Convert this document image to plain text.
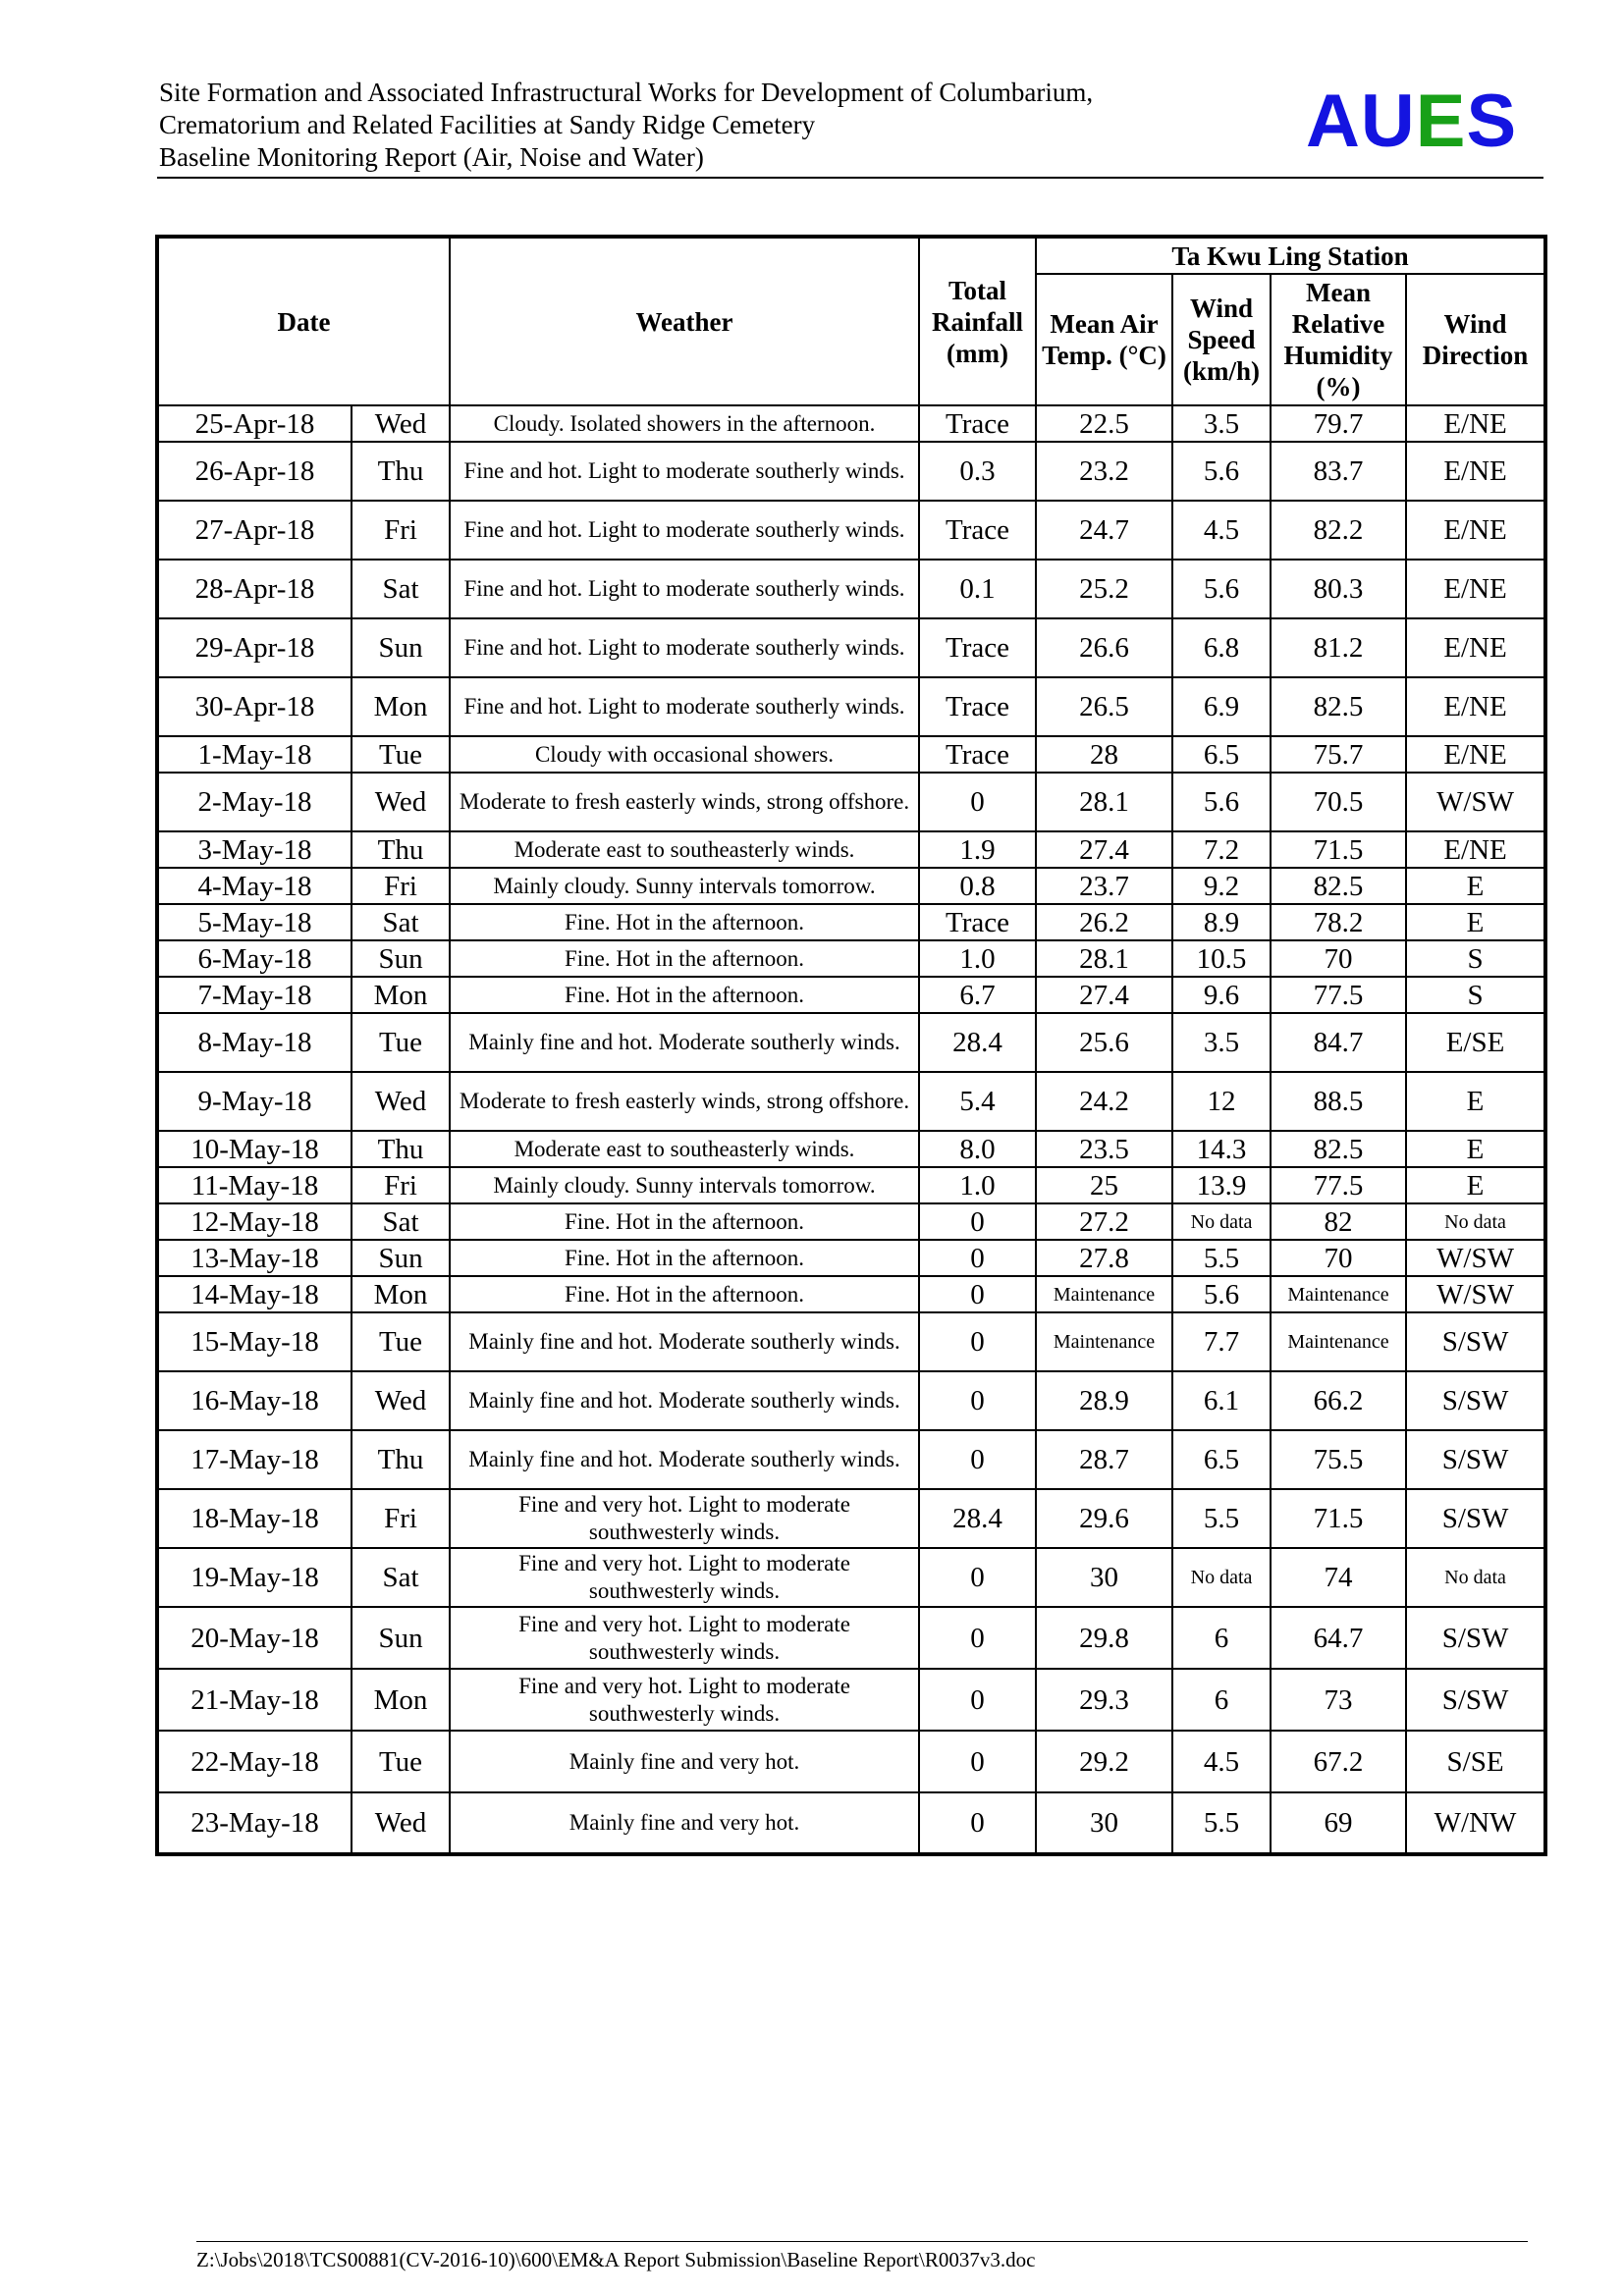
Site Formation and Associated Infrastructural Works for Development of Columbarium,
Crematorium and Related Facilities at Sandy Ridge Cemetery
Baseline Monitoring Report (Air, Noise and Water)	AUES
Date		Weather	Total Rainfall (mm)	Ta Kwu Ling Station			
				Mean Air Temp. (°C)	Wind Speed (km/h)	Mean Relative Humidity (%)	Wind Direction
25-Apr-18	Wed	Cloudy. Isolated showers in the afternoon.	Trace	22.5	3.5	79.7	E/NE
26-Apr-18	Thu	Fine and hot. Light to moderate southerly winds.	0.3	23.2	5.6	83.7	E/NE
27-Apr-18	Fri	Fine and hot. Light to moderate southerly winds.	Trace	24.7	4.5	82.2	E/NE
28-Apr-18	Sat	Fine and hot. Light to moderate southerly winds.	0.1	25.2	5.6	80.3	E/NE
29-Apr-18	Sun	Fine and hot. Light to moderate southerly winds.	Trace	26.6	6.8	81.2	E/NE
30-Apr-18	Mon	Fine and hot. Light to moderate southerly winds.	Trace	26.5	6.9	82.5	E/NE
1-May-18	Tue	Cloudy with occasional showers.	Trace	28	6.5	75.7	E/NE
2-May-18	Wed	Moderate to fresh easterly winds, strong offshore.	0	28.1	5.6	70.5	W/SW
3-May-18	Thu	Moderate east to southeasterly winds.	1.9	27.4	7.2	71.5	E/NE
4-May-18	Fri	Mainly cloudy. Sunny intervals tomorrow.	0.8	23.7	9.2	82.5	E
5-May-18	Sat	Fine. Hot in the afternoon.	Trace	26.2	8.9	78.2	E
6-May-18	Sun	Fine. Hot in the afternoon.	1.0	28.1	10.5	70	S
7-May-18	Mon	Fine. Hot in the afternoon.	6.7	27.4	9.6	77.5	S
8-May-18	Tue	Mainly fine and hot. Moderate southerly winds.	28.4	25.6	3.5	84.7	E/SE
9-May-18	Wed	Moderate to fresh easterly winds, strong offshore.	5.4	24.2	12	88.5	E
10-May-18	Thu	Moderate east to southeasterly winds.	8.0	23.5	14.3	82.5	E
11-May-18	Fri	Mainly cloudy. Sunny intervals tomorrow.	1.0	25	13.9	77.5	E
12-May-18	Sat	Fine. Hot in the afternoon.	0	27.2	No data	82	No data
13-May-18	Sun	Fine. Hot in the afternoon.	0	27.8	5.5	70	W/SW
14-May-18	Mon	Fine. Hot in the afternoon.	0	Maintenance	5.6	Maintenance	W/SW
15-May-18	Tue	Mainly fine and hot. Moderate southerly winds.	0	Maintenance	7.7	Maintenance	S/SW
16-May-18	Wed	Mainly fine and hot. Moderate southerly winds.	0	28.9	6.1	66.2	S/SW
17-May-18	Thu	Mainly fine and hot. Moderate southerly winds.	0	28.7	6.5	75.5	S/SW
18-May-18	Fri	Fine and very hot. Light to moderate southwesterly winds.	28.4	29.6	5.5	71.5	S/SW
19-May-18	Sat	Fine and very hot. Light to moderate southwesterly winds.	0	30	No data	74	No data
20-May-18	Sun	Fine and very hot. Light to moderate southwesterly winds.	0	29.8	6	64.7	S/SW
21-May-18	Mon	Fine and very hot. Light to moderate southwesterly winds.	0	29.3	6	73	S/SW
22-May-18	Tue	Mainly fine and very hot.	0	29.2	4.5	67.2	S/SE
23-May-18	Wed	Mainly fine and very hot.	0	30	5.5	69	W/NW
Z:\Jobs\2018\TCS00881(CV-2016-10)\600\EM&A Report Submission\Baseline Report\R0037v3.doc
